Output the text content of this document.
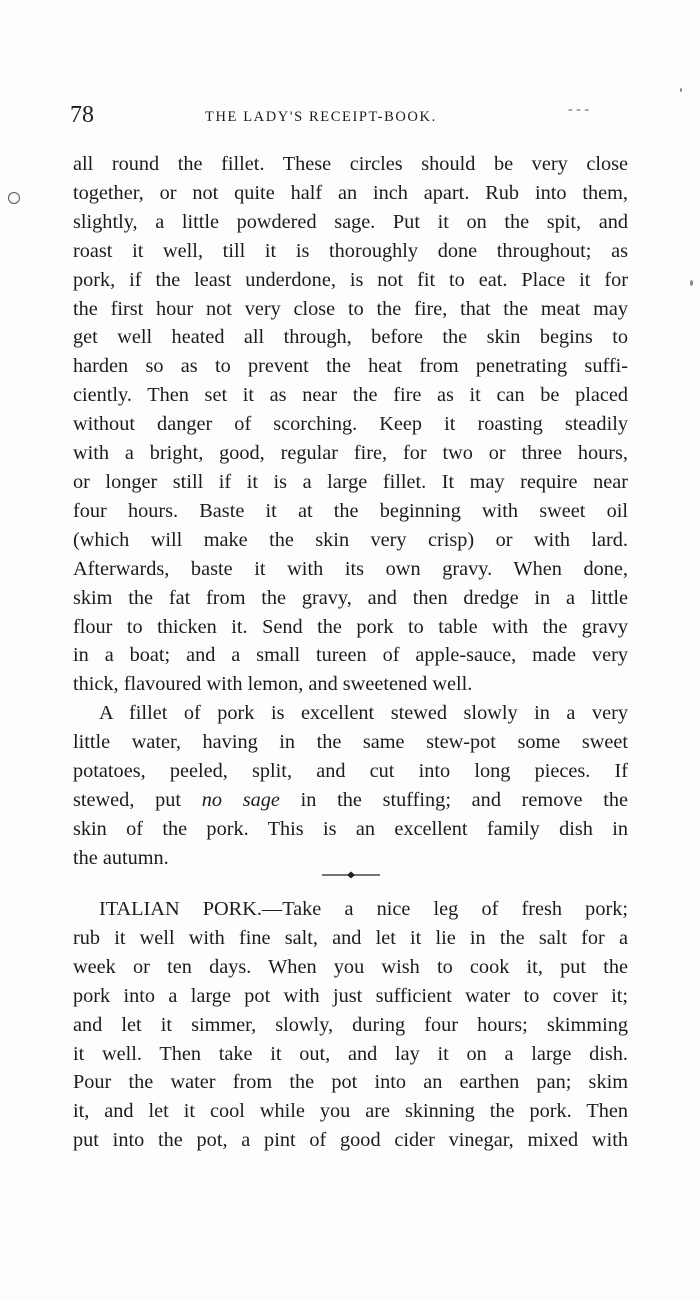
78	THE LADY'S RECEIPT-BOOK.	- - -
all round the fillet. These circles should be very close
together, or not quite half an inch apart. Rub into them,
slightly, a little powdered sage. Put it on the spit, and
roast it well, till it is thoroughly done throughout; as
pork, if the least underdone, is not fit to eat. Place it for
the first hour not very close to the fire, that the meat may
get well heated all through, before the skin begins to
harden so as to prevent the heat from penetrating suffi-
ciently. Then set it as near the fire as it can be placed
without danger of scorching. Keep it roasting steadily
with a bright, good, regular fire, for two or three hours,
or longer still if it is a large fillet. It may require near
four hours. Baste it at the beginning with sweet oil
(which will make the skin very crisp) or with lard.
Afterwards, baste it with its own gravy. When done,
skim the fat from the gravy, and then dredge in a little
flour to thicken it. Send the pork to table with the gravy
in a boat; and a small tureen of apple-sauce, made very
thick, flavoured with lemon, and sweetened well.
A fillet of pork is excellent stewed slowly in a very
little water, having in the same stew-pot some sweet
potatoes, peeled, split, and cut into long pieces. If
stewed, put no sage in the stuffing; and remove the
skin of the pork. This is an excellent family dish in
the autumn.
ITALIAN PORK.—Take a nice leg of fresh pork;
rub it well with fine salt, and let it lie in the salt for a
week or ten days. When you wish to cook it, put the
pork into a large pot with just sufficient water to cover it;
and let it simmer, slowly, during four hours; skimming
it well. Then take it out, and lay it on a large dish.
Pour the water from the pot into an earthen pan; skim
it, and let it cool while you are skinning the pork. Then
put into the pot, a pint of good cider vinegar, mixed with
